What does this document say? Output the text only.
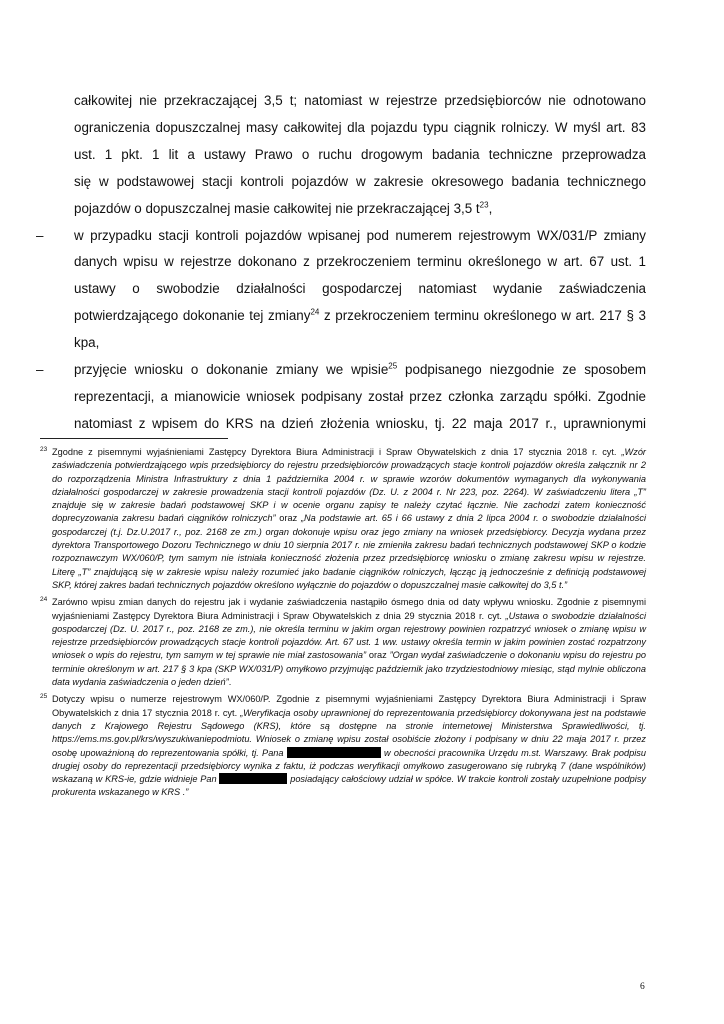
całkowitej nie przekraczającej 3,5 t; natomiast w rejestrze przedsiębiorców nie odnotowano

ograniczenia dopuszczalnej masy całkowitej dla pojazdu typu ciągnik rolniczy. W myśl art. 83

ust. 1 pkt. 1 lit a ustawy Prawo o ruchu drogowym badania techniczne przeprowadza

się w podstawowej stacji kontroli pojazdów w zakresie okresowego badania technicznego

pojazdów o dopuszczalnej masie całkowitej nie przekraczającej 3,5 $t^{23}$,

– w przypadku stacji kontroli pojazdów wpisanej pod numerem rejestrowym WX/031/P zmiany

danych wpisu w rejestrze dokonano z przekroczeniem terminu określonego w art. 67 ust. 1

ustawy o swobodzie działalności gospodarczej natomiast wydanie zaświadczenia

potwierdzającego dokonanie tej zmiany$^{24}$ z przekroczeniem terminu określonego w art. 217 § 3

kpa,

– przyjęcie wniosku o dokonanie zmiany we wpisie$^{25}$ podpisanego niezgodnie ze sposobem

reprezentacji, a mianowicie wniosek podpisany został przez członka zarządu spółki. Zgodnie

natomiast z wpisem do KRS na dzień złożenia wniosku, tj. 22 maja 2017 r., uprawnionymi

23 Zgodne z pisemnymi wyjaśnieniami Zastępcy Dyrektora Biura Administracji i Spraw Obywatelskich z dnia 17 stycznia 2018 r. cyt. „Wzór zaświadczenia potwierdzającego wpis przedsiębiorcy do rejestru przedsiębiorców prowadzących stacje kontroli pojazdów określa załącznik nr 2 do rozporządzenia Ministra Infrastruktury z dnia 1 października 2004 r. w sprawie wzorów dokumentów wymaganych dla wykonywania działalności gospodarczej w zakresie prowadzenia stacji kontroli pojazdów (Dz. U. z 2004 r. Nr 223, poz. 2264). W zaświadczeniu litera „T” znajduje się w zakresie badań podstawowej SKP i w ocenie organu zapisy te należy czytać łącznie. Nie zachodzi zatem konieczność doprecyzowania zakresu badań ciągników rolniczych” oraz „Na podstawie art. 65 i 66 ustawy z dnia 2 lipca 2004 r. o swobodzie działalności gospodarczej (t.j. Dz.U.2017 r., poz. 2168 ze zm.) organ dokonuje wpisu oraz jego zmiany na wniosek przedsiębiorcy. Decyzja wydana przez dyrektora Transportowego Dozoru Technicznego w dniu 10 sierpnia 2017 r. nie zmieniła zakresu badań technicznych podstawowej SKP o kodzie rozpoznawczym WX/060/P, tym samym nie istniała konieczność złożenia przez przedsiębiorcę wniosku o zmianę zakresu wpisu w rejestrze. Literę „T” znajdującą się w zakresie wpisu należy rozumieć jako badanie ciągników rolniczych, łącząc ją jednocześnie z definicją podstawowej SKP, której zakres badań technicznych pojazdów określono wyłącznie do pojazdów o dopuszczalnej masie całkowitej do 3,5 t.”
24 Zarówno wpisu zmian danych do rejestru jak i wydanie zaświadczenia nastąpiło ósmego dnia od daty wpływu wniosku. Zgodnie z pisemnymi wyjaśnieniami Zastępcy Dyrektora Biura Administracji i Spraw Obywatelskich z dnia 29 stycznia 2018 r. cyt. „Ustawa o swobodzie działalności gospodarczej (Dz. U. 2017 r., poz. 2168 ze zm.), nie określa terminu w jakim organ rejestrowy powinien rozpatrzyć wniosek o zmianę wpisu w rejestrze przedsiębiorców prowadzących stacje kontroli pojazdów. Art. 67 ust. 1 ww. ustawy określa termin w jakim powinien zostać rozpatrzony wniosek o wpis do rejestru, tym samym w tej sprawie nie miał zastosowania” oraz ”Organ wydał zaświadczenie o dokonaniu wpisu do rejestru po terminie określonym w art. 217 § 3 kpa (SKP WX/031/P) omyłkowo przyjmując październik jako trzydziestodniowy miesiąc, stąd mylnie obliczona data wydania zaświadczenia o jeden dzień”.
25 Dotyczy wpisu o numerze rejestrowym WX/060/P. Zgodnie z pisemnymi wyjaśnieniami Zastępcy Dyrektora Biura Administracji i Spraw Obywatelskich z dnia 17 stycznia 2018 r. cyt. „Weryfikacja osoby uprawnionej do reprezentowania przedsiębiorcy dokonywana jest na podstawie danych z Krajowego Rejestru Sądowego (KRS), które są dostępne na stronie internetowej Ministerstwa Sprawiedliwości, tj. https://ems.ms.gov.pl/krs/wyszukiwaniepodmiotu. Wniosek o zmianę wpisu został osobiście złożony i podpisany w dniu 22 maja 2017 r. przez osobę upoważnioną do reprezentowania spółki, tj. Pana	w obecności pracownika Urzędu m.st. Warszawy. Brak podpisu drugiej osoby do reprezentacji przedsiębiorcy wynika z faktu, iż podczas weryfikacji omyłkowo zasugerowano się rubryką 7 (dane wspólników) wskazaną w KRS-ie, gdzie widnieje Pan	posiadający całościowy udział w spółce. W trakcie kontroli zostały uzupełnione podpisy prokurenta wskazanego w KRS .”
6
